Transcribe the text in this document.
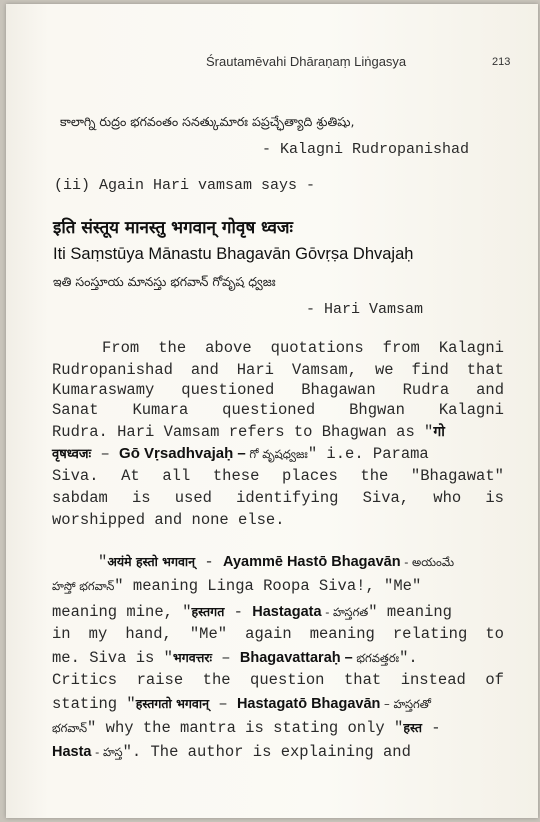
Śrautamēvahi Dhāraṇaṃ Liṅgasya	213
కాలాగ్ని రుద్రం భగవంతం సనత్కుమారః పప్రచ్ఛేత్యాది శ్రుతిషు,
- Kalagni Rudropanishad
(ii) Again Hari vamsam says -
इति संस्तूय मानस्तु भगवान् गोवृष ध्वजः
Iti Saṃstūya Mānastu Bhagavān Gōvṛṣa Dhvajaḥ
ఇతి సంస్తూయ మానస్తు భగవాన్ గోవృష ధ్వజః
- Hari Vamsam
From the above quotations from Kalagni
Rudropanishad and Hari Vamsam, we find that
Kumaraswamy questioned Bhagawan Rudra and
Sanat Kumara questioned Bhgwan Kalagni
Rudra. Hari Vamsam refers to Bhagwan as "गो
वृषध्वजः – Gō Vṛsadhvajaḥ – గో వృషధ్వజః" i.e. Parama
Siva. At all these places the "Bhagawat"
sabdam is used identifying Siva, who is
worshipped and none else.
"अयंमे हस्तो भगवान् - Ayammē Hastō Bhagavān - అయంమే
హస్తో భగవాన్" meaning Linga Roopa Siva!, "Me"
meaning mine, "हस्तगत - Hastagata - హస్తగత" meaning
in my hand, "Me" again meaning relating to
me. Siva is "भगवत्तरः – Bhagavattaraḥ – భగవత్తరః".
Critics raise the question that instead of
stating "हस्तगतो भगवान् – Hastagatō Bhagavān – హస్తగతో
భగవాన్" why the mantra is stating only "हस्त -
Hasta - హస్త". The author is explaining and
